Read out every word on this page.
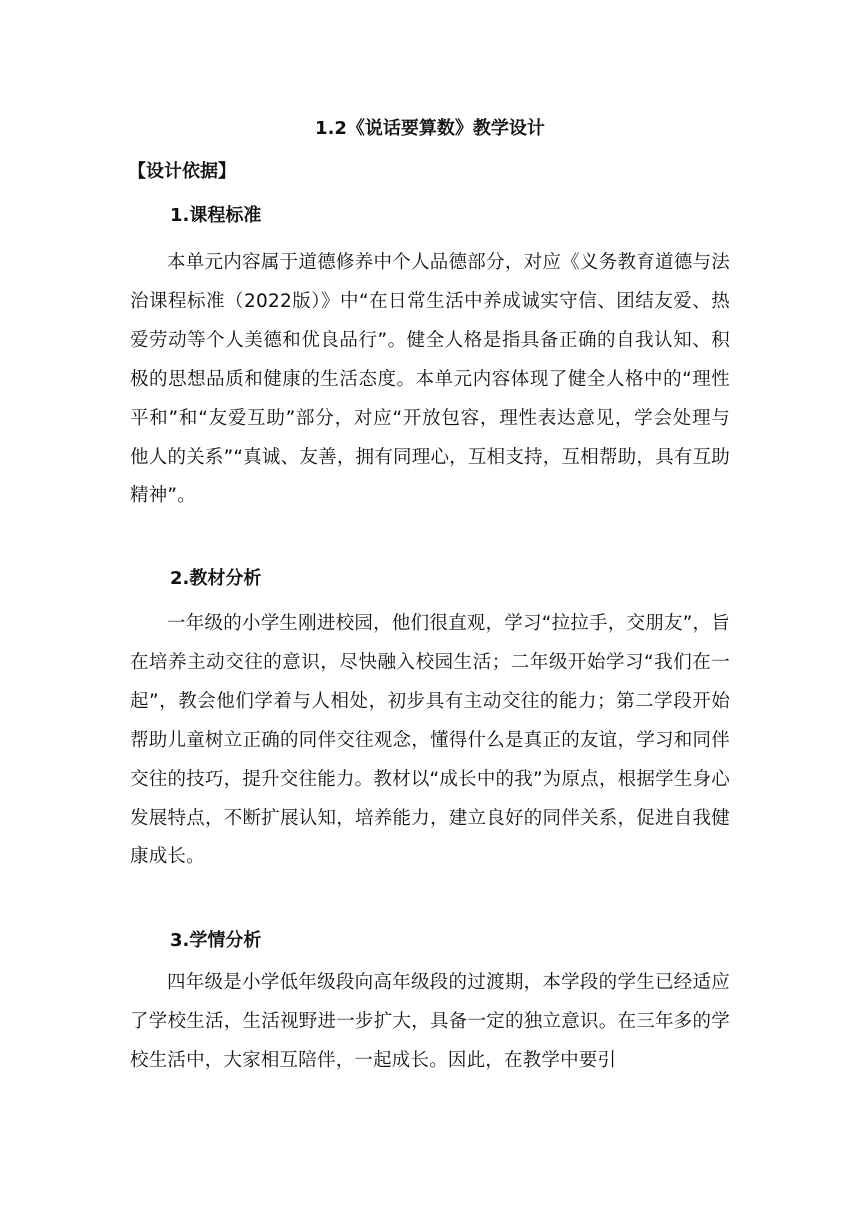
1.2《说话要算数》教学设计
【设计依据】
1.课程标准

本单元内容属于道德修养中个人品德部分，对应《义务教育道德与法治课程标准（2022版）》中“在日常生活中养成诚实守信、团结友爱、热爱劳动等个人美德和优良品行”。健全人格是指具备正确的自我认知、积极的思想品质和健康的生活态度。本单元内容体现了健全人格中的“理性平和”和“友爱互助”部分，对应“开放包容，理性表达意见，学会处理与他人的关系”“真诚、友善，拥有同理心，互相支持，互相帮助，具有互助精神”。

2.教材分析

一年级的小学生刚进校园，他们很直观，学习“拉拉手，交朋友”，旨在培养主动交往的意识，尽快融入校园生活；二年级开始学习“我们在一起”，教会他们学着与人相处，初步具有主动交往的能力；第二学段开始帮助儿童树立正确的同伴交往观念，懂得什么是真正的友谊，学习和同伴交往的技巧，提升交往能力。教材以“成长中的我”为原点，根据学生身心发展特点，不断扩展认知，培养能力，建立良好的同伴关系，促进自我健康成长。

3.学情分析

四年级是小学低年级段向高年级段的过渡期，本学段的学生已经适应了学校生活，生活视野进一步扩大，具备一定的独立意识。在三年多的学校生活中，大家相互陪伴，一起成长。因此，在教学中要引
